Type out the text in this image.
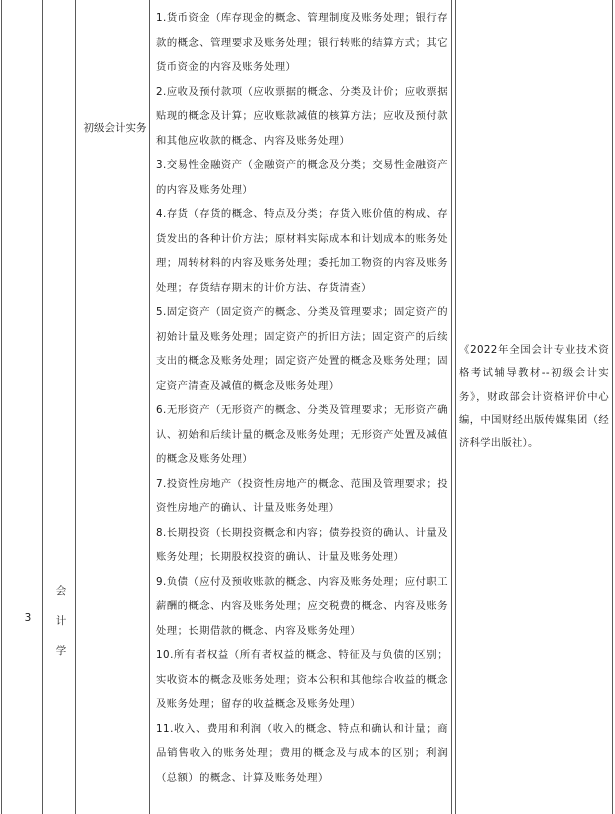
3
会
计
学
初级会计实务

1.货币资金（库存现金的概念、管理制度及账务处理；银行存款的概念、管理要求及账务处理；银行转账的结算方式；其它货币资金的内容及账务处理）

2.应收及预付款项（应收票据的概念、分类及计价；应收票据贴现的概念及计算；应收账款减值的核算方法；应收及预付款和其他应收款的概念、内容及账务处理）

3.交易性金融资产（金融资产的概念及分类；交易性金融资产的内容及账务处理）

4.存货（存货的概念、特点及分类；存货入账价值的构成、存货发出的各种计价方法；原材料实际成本和计划成本的账务处理；周转材料的内容及账务处理；委托加工物资的内容及账务处理；存货结存期末的计价方法、存货清查）

5.固定资产（固定资产的概念、分类及管理要求；固定资产的初始计量及账务处理；固定资产的折旧方法；固定资产的后续支出的概念及账务处理；固定资产处置的概念及账务处理；固定资产清查及减值的概念及账务处理）

6.无形资产（无形资产的概念、分类及管理要求；无形资产确认、初始和后续计量的概念及账务处理；无形资产处置及减值的概念及账务处理）

7.投资性房地产（投资性房地产的概念、范围及管理要求；投资性房地产的确认、计量及账务处理）

8.长期投资（长期投资概念和内容；债券投资的确认、计量及账务处理；长期股权投资的确认、计量及账务处理）

9.负债（应付及预收账款的概念、内容及账务处理；应付职工薪酬的概念、内容及账务处理；应交税费的概念、内容及账务处理；长期借款的概念、内容及账务处理）

10.所有者权益（所有者权益的概念、特征及与负债的区别；实收资本的概念及账务处理；资本公积和其他综合收益的概念及账务处理；留存的收益概念及账务处理）

11.收入、费用和利润（收入的概念、特点和确认和计量；商品销售收入的账务处理；费用的概念及与成本的区别；利润（总额）的概念、计算及账务处理）

《2022年全国会计专业技术资格考试辅导教材--初级会计实务》，财政部会计资格评价中心编，中国财经出版传媒集团（经济科学出版社）。
